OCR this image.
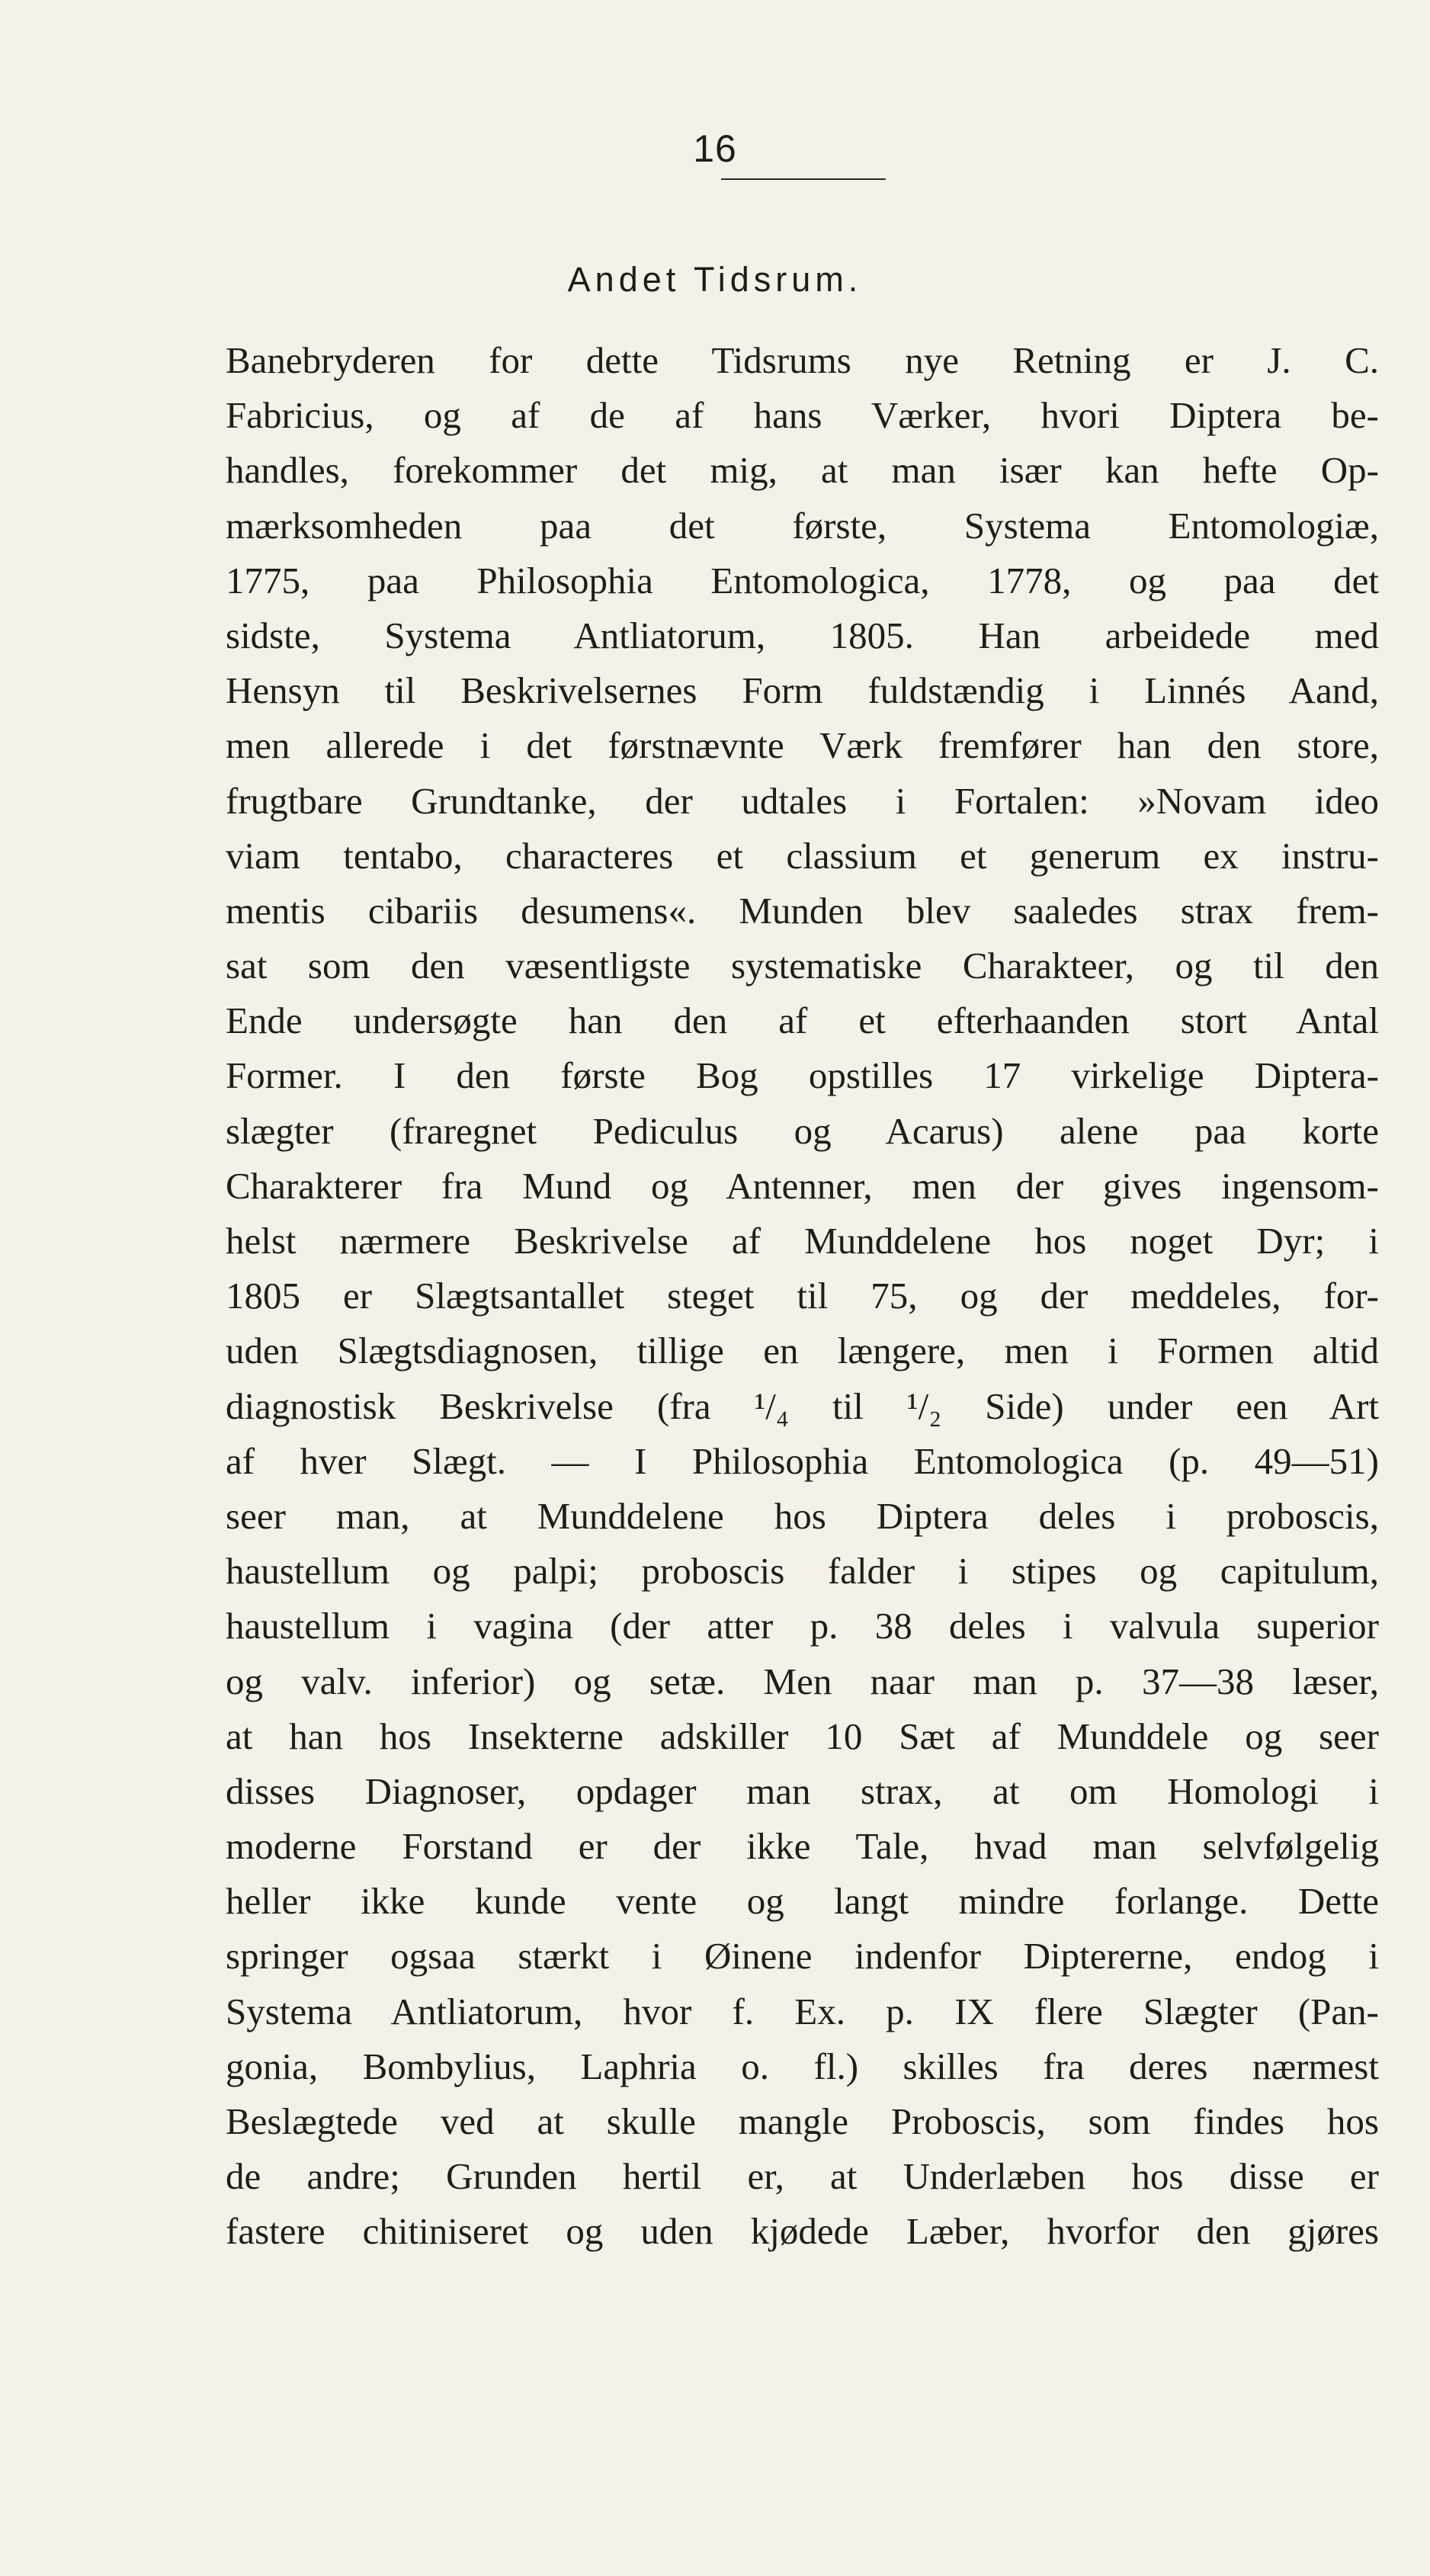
16
Andet Tidsrum.
Banebryderen for dette Tidsrums nye Retning er J. C.
Fabricius, og af de af hans Værker, hvori Diptera be-
handles, forekommer det mig, at man især kan hefte Op-
mærksomheden paa det første, Systema Entomologiæ,
1775, paa Philosophia Entomologica, 1778, og paa det
sidste, Systema Antliatorum, 1805. Han arbeidede med
Hensyn til Beskrivelsernes Form fuldstændig i Linnés Aand,
men allerede i det førstnævnte Værk fremfører han den store,
frugtbare Grundtanke, der udtales i Fortalen: »Novam ideo
viam tentabo, characteres et classium et generum ex instru-
mentis cibariis desumens«. Munden blev saaledes strax frem-
sat som den væsentligste systematiske Charakteer, og til den
Ende undersøgte han den af et efterhaanden stort Antal
Former. I den første Bog opstilles 17 virkelige Diptera-
slægter (fraregnet Pediculus og Acarus) alene paa korte
Charakterer fra Mund og Antenner, men der gives ingensom-
helst nærmere Beskrivelse af Munddelene hos noget Dyr; i
1805 er Slægtsantallet steget til 75, og der meddeles, for-
uden Slægtsdiagnosen, tillige en længere, men i Formen altid
diagnostisk Beskrivelse (fra ¹/₄ til ¹/₂ Side) under een Art
af hver Slægt. — I Philosophia Entomologica (p. 49—51)
seer man, at Munddelene hos Diptera deles i proboscis,
haustellum og palpi; proboscis falder i stipes og capitulum,
haustellum i vagina (der atter p. 38 deles i valvula superior
og valv. inferior) og setæ. Men naar man p. 37—38 læser,
at han hos Insekterne adskiller 10 Sæt af Munddele og seer
disses Diagnoser, opdager man strax, at om Homologi i
moderne Forstand er der ikke Tale, hvad man selvfølgelig
heller ikke kunde vente og langt mindre forlange. Dette
springer ogsaa stærkt i Øinene indenfor Diptererne, endog i
Systema Antliatorum, hvor f. Ex. p. IX flere Slægter (Pan-
gonia, Bombylius, Laphria o. fl.) skilles fra deres nærmest
Beslægtede ved at skulle mangle Proboscis, som findes hos
de andre; Grunden hertil er, at Underlæben hos disse er
fastere chitiniseret og uden kjødede Læber, hvorfor den gjøres
